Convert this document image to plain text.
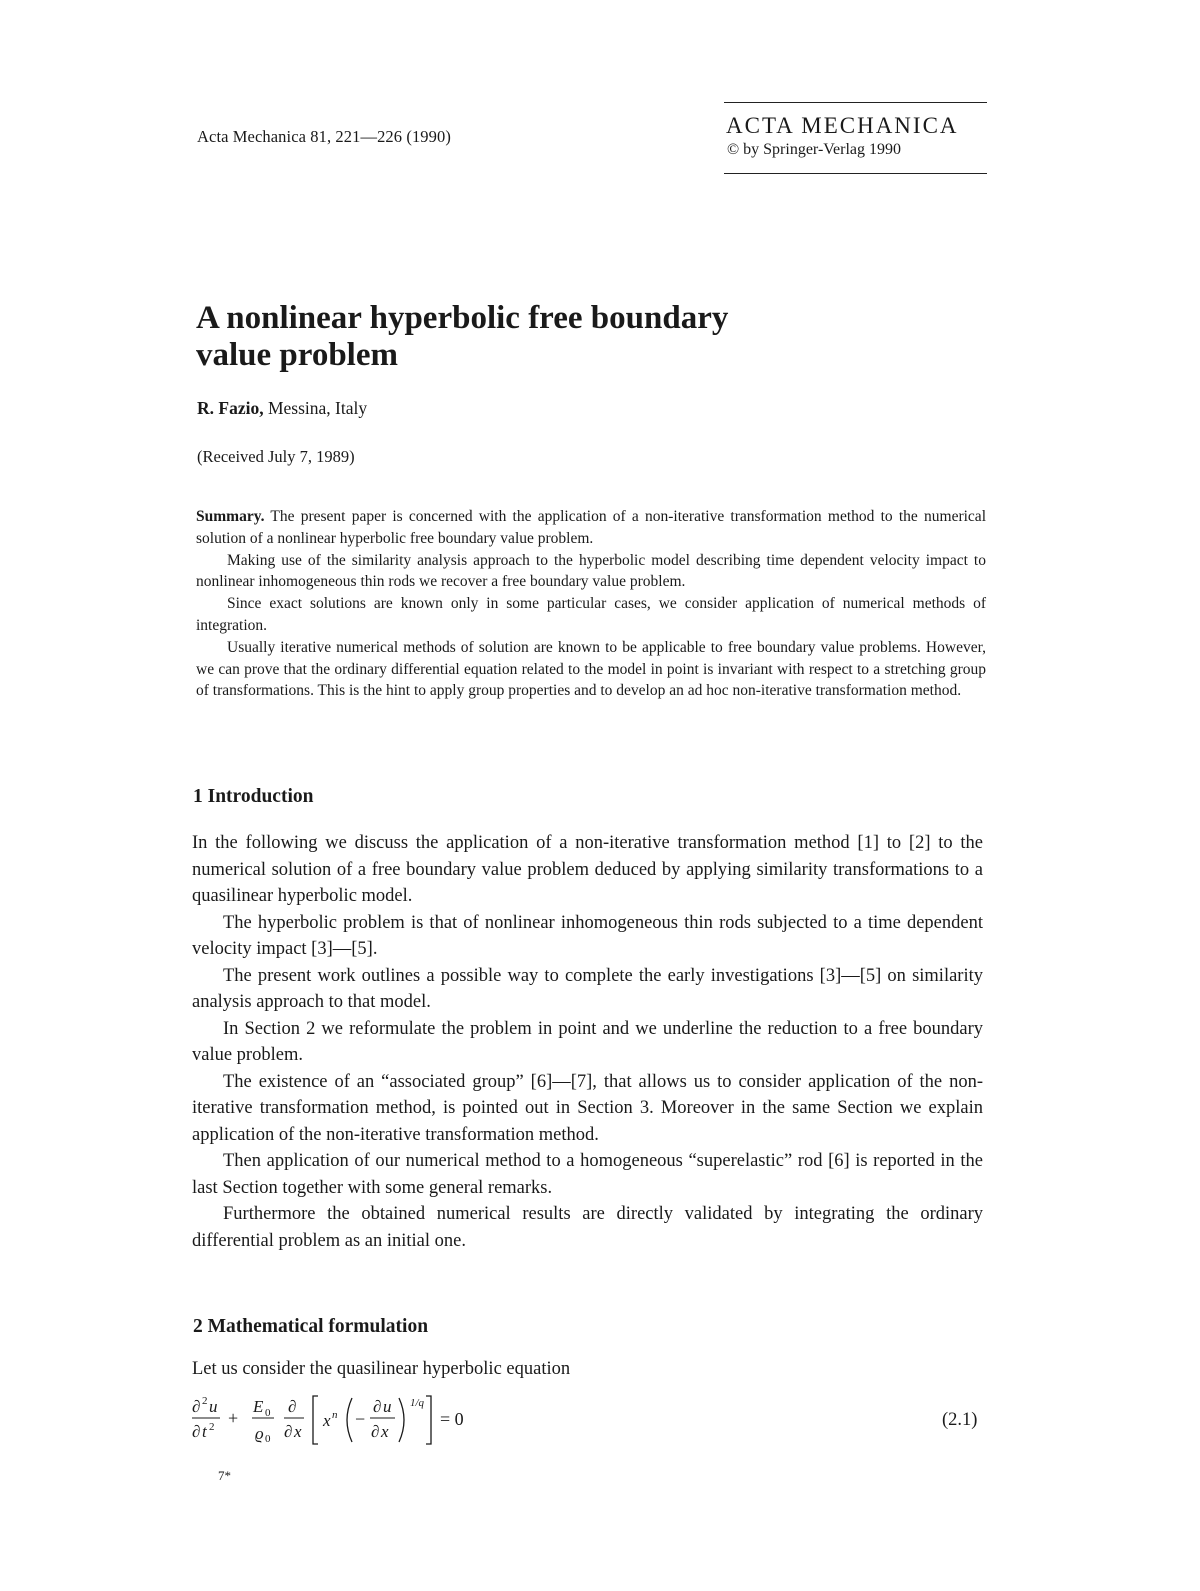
Acta Mechanica 81, 221—226 (1990)	ACTA MECHANICA
© by Springer-Verlag 1990
A nonlinear hyperbolic free boundary
value problem
R. Fazio, Messina, Italy
(Received July 7, 1989)

Summary. The present paper is concerned with the application of a non-iterative transformation method to the numerical solution of a nonlinear hyperbolic free boundary value problem.

Making use of the similarity analysis approach to the hyperbolic model describing time dependent velocity impact to nonlinear inhomogeneous thin rods we recover a free boundary value problem.

Since exact solutions are known only in some particular cases, we consider application of numerical methods of integration.

Usually iterative numerical methods of solution are known to be applicable to free boundary value problems. However, we can prove that the ordinary differential equation related to the model in point is invariant with respect to a stretching group of transformations. This is the hint to apply group properties and to develop an ad hoc non-iterative transformation method.

1 Introduction

In the following we discuss the application of a non-iterative transformation method [1] to [2] to the numerical solution of a free boundary value problem deduced by applying similarity transformations to a quasilinear hyperbolic model.

The hyperbolic problem is that of nonlinear inhomogeneous thin rods subjected to a time dependent velocity impact [3]—[5].

The present work outlines a possible way to complete the early investigations [3]—[5] on similarity analysis approach to that model.

In Section 2 we reformulate the problem in point and we underline the reduction to a free boundary value problem.

The existence of an “associated group” [6]—[7], that allows us to consider application of the non-iterative transformation method, is pointed out in Section 3. Moreover in the same Section we explain application of the non-iterative transformation method.

Then application of our numerical method to a homogeneous “superelastic” rod [6] is reported in the last Section together with some general remarks.

Furthermore the obtained numerical results are directly validated by integrating the ordinary differential problem as an initial one.

2 Mathematical formulation
Let us consider the quasilinear hyperbolic equation
∂ 2 u
∂ t 2 +
E 0
ϱ 0
∂
∂ x
x n −
∂ u
∂ x
1/q
= 0	(2.1)
7*
